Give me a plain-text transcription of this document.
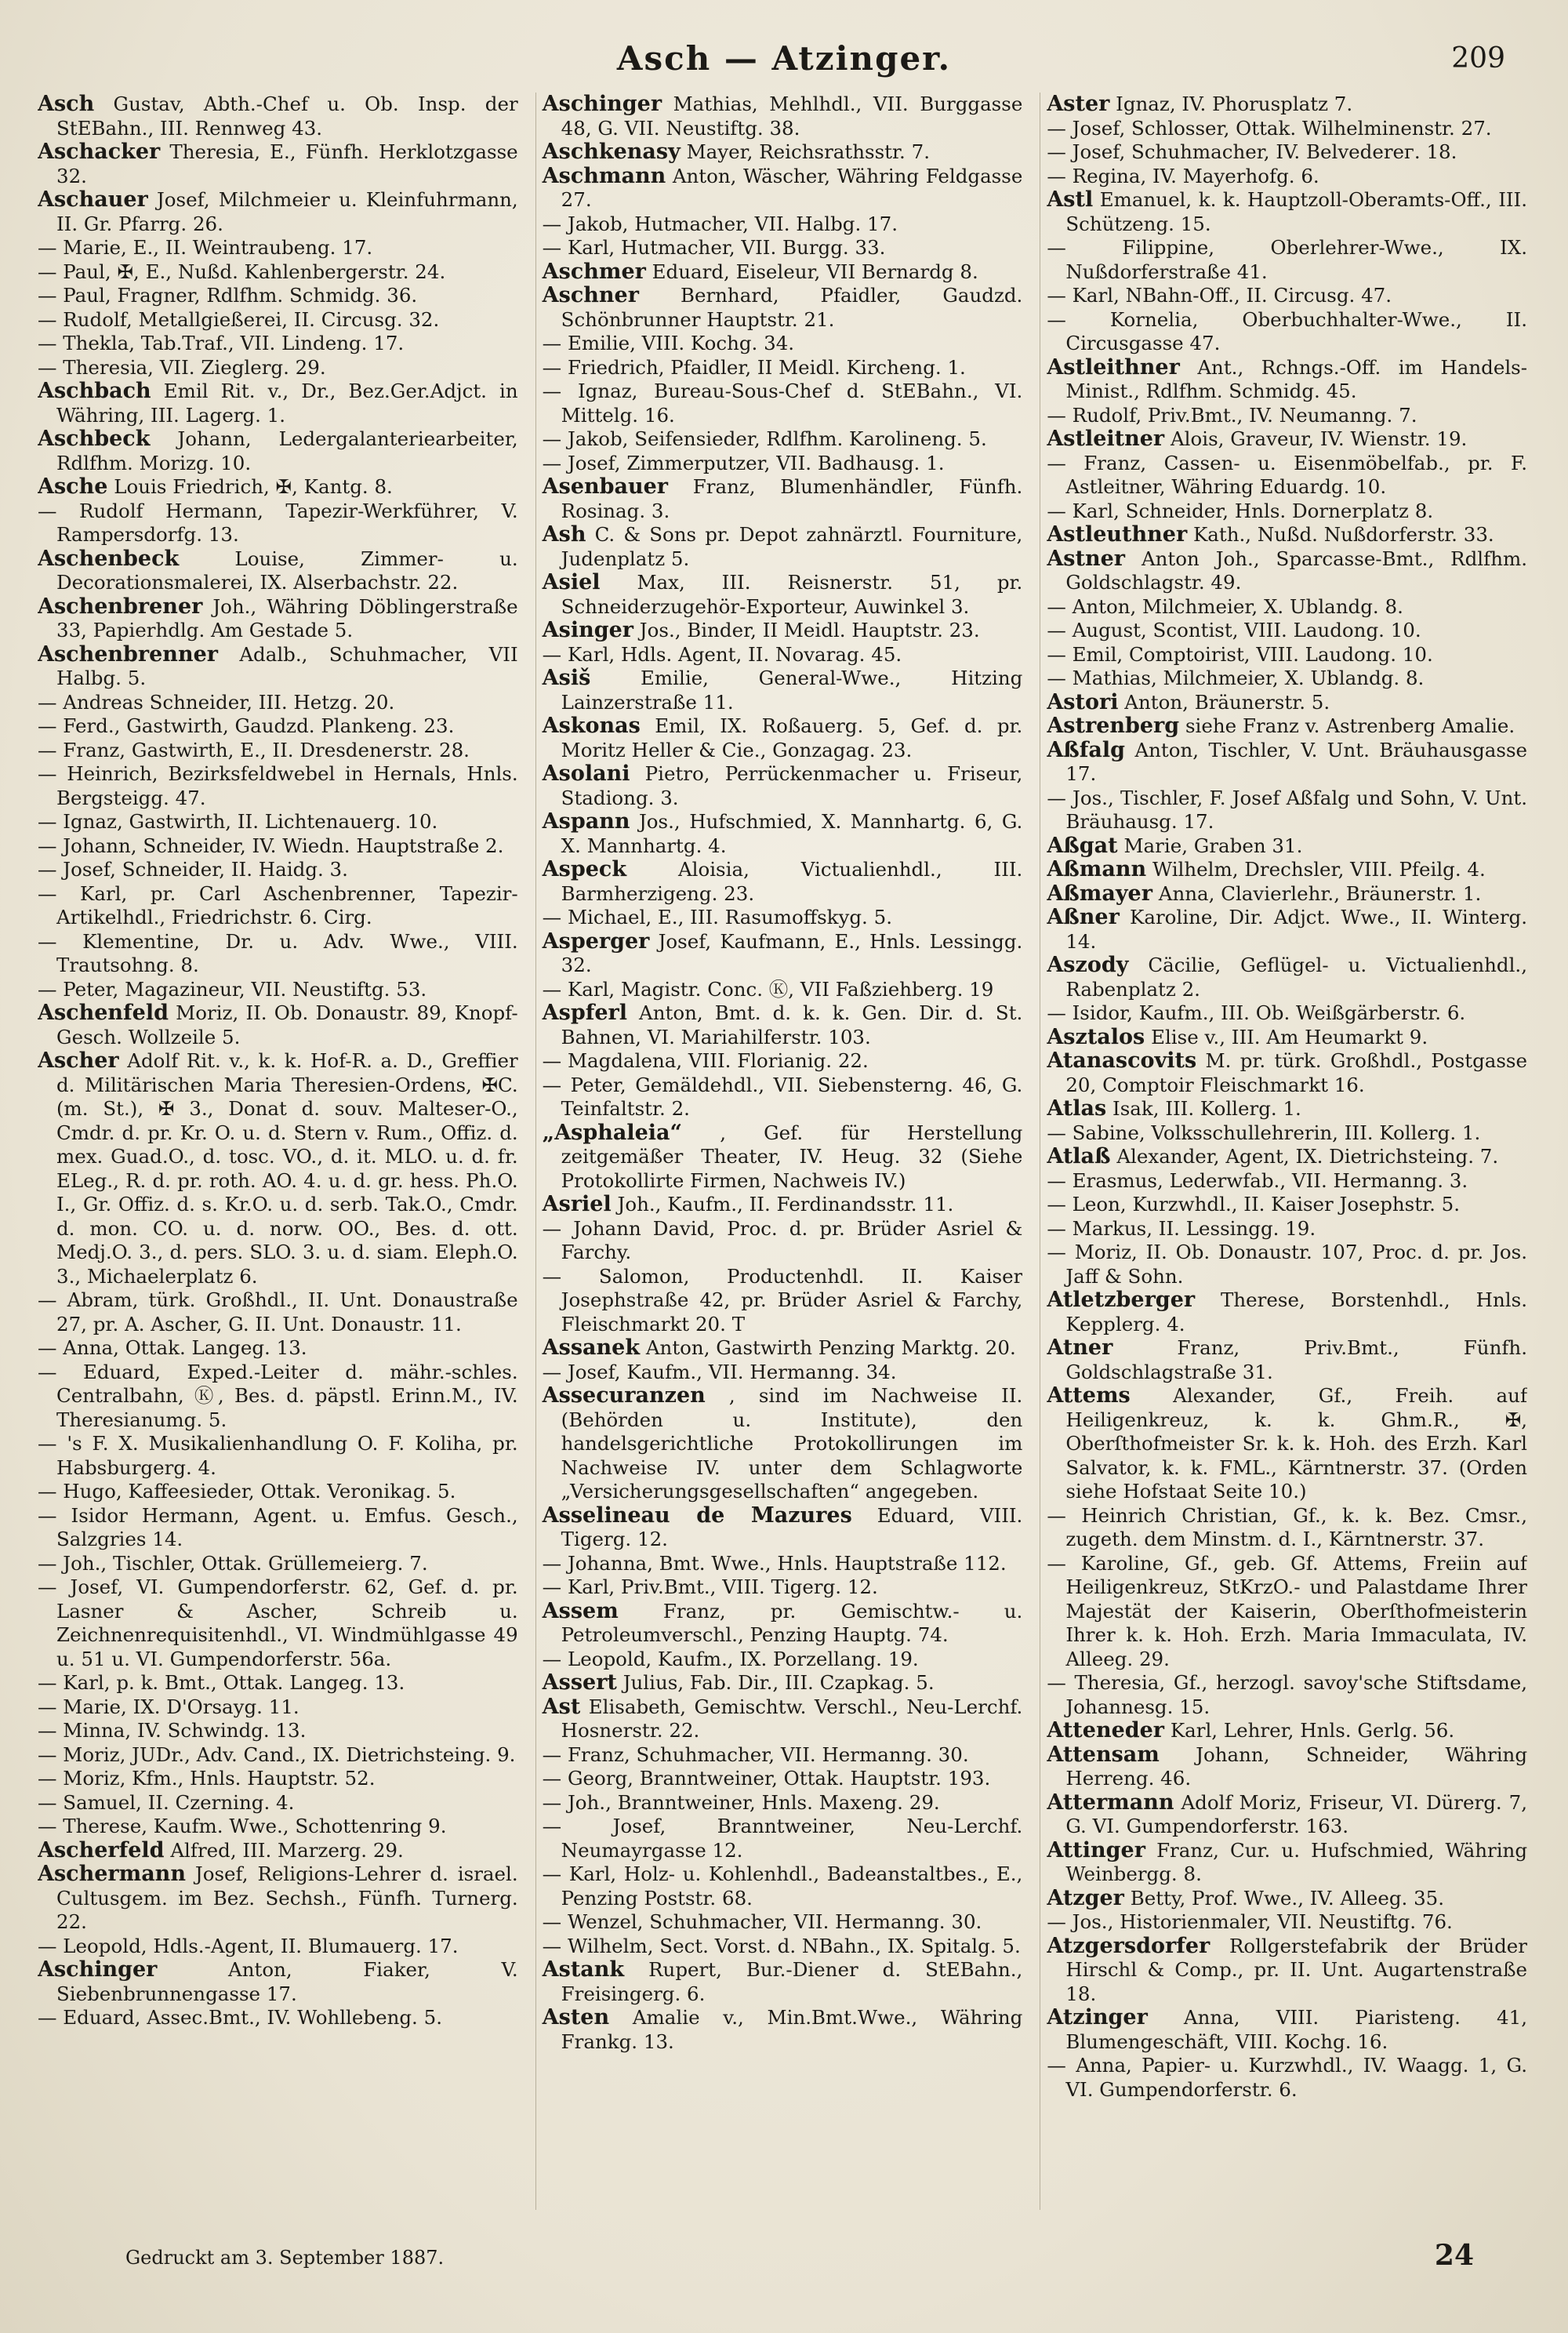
Asch — Atzinger.	209

Asch Gustav, Abth.-Chef u. Ob. Insp. der StEBahn., III. Rennweg 43.

Aschacker Theresia, E., Fünfh. Herklotzgasse 32.

Aschauer Josef, Milchmeier u. Kleinfuhrmann, II. Gr. Pfarrg. 26.

— Marie, E., II. Weintraubeng. 17.

— Paul, ✠, E., Nußd. Kahlenbergerstr. 24.

— Paul, Fragner, Rdlfhm. Schmidg. 36.

— Rudolf, Metallgießerei, II. Circusg. 32.

— Thekla, Tab.Traf., VII. Lindeng. 17.

— Theresia, VII. Zieglerg. 29.

Aschbach Emil Rit. v., Dr., Bez.Ger.Adjct. in Währing, III. Lagerg. 1.

Aschbeck Johann, Ledergalanteriearbeiter, Rdlfhm. Morizg. 10.

Asche Louis Friedrich, ✠, Kantg. 8.

— Rudolf Hermann, Tapezir-Werkführer, V. Rampersdorfg. 13.

Aschenbeck	Louise, Zimmer- u. Decorationsmalerei, IX. Alserbachstr. 22.

Aschenbrener Joh., Währing Döblingerstraße 33, Papierhdlg. Am Gestade 5.

Aschenbrenner Adalb., Schuhmacher, VII Halbg. 5.

— Andreas Schneider, III. Hetzg. 20.

— Ferd., Gastwirth, Gaudzd. Plankeng. 23.

— Franz, Gastwirth, E., II. Dresdenerstr. 28.

— Heinrich, Bezirksfeldwebel in Hernals, Hnls. Bergsteigg. 47.

— Ignaz, Gastwirth, II. Lichtenauerg. 10.

— Johann, Schneider, IV. Wiedn. Hauptstraße 2.

— Josef, Schneider, II. Haidg. 3.

— Karl, pr. Carl Aschenbrenner, Tapezir-Artikelhdl., Friedrichstr. 6. Cirg.

— Klementine, Dr. u. Adv. Wwe., VIII. Trautsohng. 8.

— Peter, Magazineur, VII. Neustiftg. 53.

Aschenfeld Moriz, II. Ob. Donaustr. 89, Knopf-Gesch. Wollzeile 5.

Ascher Adolf Rit. v., k. k. Hof-R. a. D., Greffier d. Militärischen Maria Theresien-Ordens, ✠C. (m. St.), ✠ 3., Donat d. souv. Malteser-O., Cmdr. d. pr. Kr. O. u. d. Stern v. Rum., Offiz. d. mex. Guad.O., d. tosc. VO., d. it. MLO. u. d. fr. ELeg., R. d. pr. roth. AO. 4. u. d. gr. hess. Ph.O. I., Gr. Offiz. d. s. Kr.O. u. d. serb. Tak.O., Cmdr. d. mon. CO. u. d. norw. OO., Bes. d. ott. Medj.O. 3., d. pers. SLO. 3. u. d. siam. Eleph.O. 3., Michaelerplatz 6.

— Abram, türk. Großhdl., II. Unt. Donaustraße 27, pr. A. Ascher, G. II. Unt. Donaustr. 11.

— Anna, Ottak. Langeg. 13.

— Eduard, Exped.-Leiter d. mähr.-schles. Centralbahn, Ⓚ, Bes. d. päpstl. Erinn.M., IV. Theresianumg. 5.

— 's F. X. Musikalienhandlung O. F. Koliha, pr. Habsburgerg. 4.

— Hugo, Kaffeesieder, Ottak. Veronikag. 5.

— Isidor Hermann, Agent. u. Emfus. Gesch., Salzgries 14.

— Joh., Tischler, Ottak. Grüllemeierg. 7.

— Josef, VI. Gumpendorferstr. 62, Gef. d. pr. Lasner & Ascher, Schreib u. Zeichnenrequisitenhdl., VI. Windmühlgasse 49 u. 51 u. VI. Gumpendorferstr. 56a.

— Karl, p. k. Bmt., Ottak. Langeg. 13.

— Marie, IX. D'Orsayg. 11.

— Minna, IV. Schwindg. 13.

— Moriz, JUDr., Adv. Cand., IX. Dietrichsteing. 9.

— Moriz, Kfm., Hnls. Hauptstr. 52.

— Samuel, II. Czerning. 4.

— Therese, Kaufm. Wwe., Schottenring 9.

Ascherfeld Alfred, III. Marzerg. 29.

Aschermann Josef, Religions-Lehrer d. israel. Cultusgem. im Bez. Sechsh., Fünfh. Turnerg. 22.

— Leopold, Hdls.-Agent, II. Blumauerg. 17.

Aschinger	Anton, Fiaker, V. Siebenbrunnengasse 17.

— Eduard, Assec.Bmt., IV. Wohllebeng. 5.

Aschinger Mathias, Mehlhdl., VII. Burggasse 48, G. VII. Neustiftg. 38.

Aschkenasy Mayer, Reichsrathsstr. 7.

Aschmann Anton, Wäscher, Währing Feldgasse 27.

— Jakob, Hutmacher, VII. Halbg. 17.

— Karl, Hutmacher, VII. Burgg. 33.

Aschmer Eduard, Eiseleur, VII Bernardg 8.

Aschner Bernhard, Pfaidler, Gaudzd. Schönbrunner Hauptstr. 21.

— Emilie, VIII. Kochg. 34.

— Friedrich, Pfaidler, II Meidl. Kircheng. 1.

— Ignaz, Bureau-Sous-Chef d. StEBahn., VI. Mittelg. 16.

— Jakob, Seifensieder, Rdlfhm. Karolineng. 5.

— Josef, Zimmerputzer, VII. Badhausg. 1.

Asenbauer Franz, Blumenhändler, Fünfh. Rosinag. 3.

Ash C. & Sons pr. Depot zahnärztl. Fourniture, Judenplatz 5.

Asiel Max, III. Reisnerstr. 51, pr. Schneiderzugehör-Exporteur, Auwinkel 3.

Asinger Jos., Binder, II Meidl. Hauptstr. 23.

— Karl, Hdls. Agent, II. Novarag. 45.

Asiš	Emilie, General-Wwe., Hitzing Lainzerstraße 11.

Askonas Emil, IX. Roßauerg. 5, Gef. d. pr. Moritz Heller & Cie., Gonzagag. 23.

Asolani Pietro, Perrückenmacher u. Friseur, Stadiong. 3.

Aspann Jos., Hufschmied, X. Mannhartg. 6, G. X. Mannhartg. 4.

Aspeck	Aloisia, Victualienhdl., III. Barmherzigeng. 23.

— Michael, E., III. Rasumoffskyg. 5.

Asperger Josef, Kaufmann, E., Hnls. Lessingg. 32.

— Karl, Magistr. Conc. Ⓚ, VII Faßziehberg. 19

Aspferl Anton, Bmt. d. k. k. Gen. Dir. d. St. Bahnen, VI. Mariahilferstr. 103.

— Magdalena, VIII. Florianig. 22.

— Peter, Gemäldehdl., VII. Siebensterng. 46, G. Teinfaltstr. 2.

„Asphaleia“ , Gef. für Herstellung zeitgemäßer Theater, IV. Heug. 32 (Siehe Protokollirte Firmen, Nachweis IV.)

Asriel Joh., Kaufm., II. Ferdinandsstr. 11.

— Johann David, Proc. d. pr. Brüder Asriel & Farchy.

— Salomon, Productenhdl. II. Kaiser Josephstraße 42, pr. Brüder Asriel & Farchy, Fleischmarkt 20. T

Assanek Anton, Gastwirth Penzing Marktg. 20.

— Josef, Kaufm., VII. Hermanng. 34.

Assecuranzen , sind im Nachweise II. (Behörden u. Institute), den handelsgerichtliche Protokollirungen im Nachweise IV. unter dem Schlagworte „Versicherungsgesellschaften“ angegeben.

Asselineau de Mazures Eduard, VIII. Tigerg. 12.

— Johanna, Bmt. Wwe., Hnls. Hauptstraße 112.

— Karl, Priv.Bmt., VIII. Tigerg. 12.

Assem Franz, pr. Gemischtw.- u. Petroleumverschl., Penzing Hauptg. 74.

— Leopold, Kaufm., IX. Porzellang. 19.

Assert Julius, Fab. Dir., III. Czapkag. 5.

Ast Elisabeth, Gemischtw. Verschl., Neu-Lerchf. Hosnerstr. 22.

— Franz, Schuhmacher, VII. Hermanng. 30.

— Georg, Branntweiner, Ottak. Hauptstr. 193.

— Joh., Branntweiner, Hnls. Maxeng. 29.

— Josef, Branntweiner, Neu-Lerchf. Neumayrgasse 12.

— Karl, Holz- u. Kohlenhdl., Badeanstaltbes., E., Penzing Poststr. 68.

— Wenzel, Schuhmacher, VII. Hermanng. 30.

— Wilhelm, Sect. Vorst. d. NBahn., IX. Spitalg. 5.

Astank Rupert, Bur.-Diener d. StEBahn., Freisingerg. 6.

Asten Amalie v., Min.Bmt.Wwe., Währing Frankg. 13.

Aster Ignaz, IV. Phorusplatz 7.

— Josef, Schlosser, Ottak. Wilhelminenstr. 27.

— Josef, Schuhmacher, IV. Belvederег. 18.

— Regina, IV. Mayerhofg. 6.

Astl Emanuel, k. k. Hauptzoll-Oberamts-Off., III. Schützeng. 15.

— Filippine, Oberlehrer-Wwe., IX. Nußdorferstraße 41.

— Karl, NBahn-Off., II. Circusg. 47.

— Kornelia, Oberbuchhalter-Wwe., II. Circusgasse 47.

Astleithner Ant., Rchngs.-Off. im Handels-Minist., Rdlfhm. Schmidg. 45.

— Rudolf, Priv.Bmt., IV. Neumanng. 7.

Astleitner Alois, Graveur, IV. Wienstr. 19.

— Franz, Cassen- u. Eisenmöbelfab., pr. F. Astleitner, Währing Eduardg. 10.

— Karl, Schneider, Hnls. Dornerplatz 8.

Astleuthner Kath., Nußd. Nußdorferstr. 33.

Astner Anton Joh., Sparcasse-Bmt., Rdlfhm. Goldschlagstr. 49.

— Anton, Milchmeier, X. Ublandg. 8.

— August, Scontist, VIII. Laudong. 10.

— Emil, Comptoirist, VIII. Laudong. 10.

— Mathias, Milchmeier, X. Ublandg. 8.

Astori Anton, Bräunerstr. 5.

Astrenberg siehe Franz v. Astrenberg Amalie.

Aßfalg Anton, Tischler, V. Unt. Bräuhausgasse 17.

— Jos., Tischler, F. Josef Aßfalg und Sohn, V. Unt. Bräuhausg. 17.

Aßgat Marie, Graben 31.

Aßmann Wilhelm, Drechsler, VIII. Pfeilg. 4.

Aßmayer Anna, Clavierlehr., Bräunerstr. 1.

Aßner Karoline, Dir. Adjct. Wwe., II. Winterg. 14.

Aszody Cäcilie, Geflügel- u. Victualienhdl., Rabenplatz 2.

— Isidor, Kaufm., III. Ob. Weißgärberstr. 6.

Asztalos Elise v., III. Am Heumarkt 9.

Atanascovits M. pr. türk. Großhdl., Postgasse 20, Comptoir Fleischmarkt 16.

Atlas Isak, III. Kollerg. 1.

— Sabine, Volksschullehrerin, III. Kollerg. 1.

Atlaß Alexander, Agent, IX. Dietrichsteing. 7.

— Erasmus, Lederwfab., VII. Hermanng. 3.

— Leon, Kurzwhdl., II. Kaiser Josephstr. 5.

— Markus, II. Lessingg. 19.

— Moriz, II. Ob. Donaustr. 107, Proc. d. pr. Jos. Jaff & Sohn.

Atletzberger Therese, Borstenhdl., Hnls. Kepplerg. 4.

Atner	Franz, Priv.Bmt., Fünfh. Goldschlagstraße 31.

Attems Alexander, Gf., Freih. auf Heiligenkreuz, k. k. Ghm.R., ✠, Oberſthofmeister Sr. k. k. Hoh. des Erzh. Karl Salvator, k. k. FML., Kärntnerstr. 37. (Orden siehe Hofstaat Seite 10.)

— Heinrich Christian, Gf., k. k. Bez. Cmsr., zugeth. dem Minstm. d. I., Kärntnerstr. 37.

— Karoline, Gf., geb. Gf. Attems, Freiin auf Heiligenkreuz, StKrzO.- und Palastdame Ihrer Majestät der Kaiserin, Oberſthofmeisterin Ihrer k. k. Hoh. Erzh. Maria Immaculata, IV. Alleeg. 29.

— Theresia, Gf., herzogl. savoy'sche Stiftsdame, Johannesg. 15.

Atteneder Karl, Lehrer, Hnls. Gerlg. 56.

Attensam Johann, Schneider, Währing Herreng. 46.

Attermann Adolf Moriz, Friseur, VI. Dürerg. 7, G. VI. Gumpendorferstr. 163.

Attinger Franz, Cur. u. Hufschmied, Währing Weinbergg. 8.

Atzger Betty, Prof. Wwe., IV. Alleeg. 35.

— Jos., Historienmaler, VII. Neustiftg. 76.

Atzgersdorfer Rollgerstefabrik der Brüder Hirschl & Comp., pr. II. Unt. Augartenstraße 18.

Atzinger Anna, VIII. Piaristeng. 41, Blumengeschäft, VIII. Kochg. 16.

— Anna, Papier- u. Kurzwhdl., IV. Waagg. 1, G. VI. Gumpendorferstr. 6.

Gedruckt am 3. September 1887.	24
